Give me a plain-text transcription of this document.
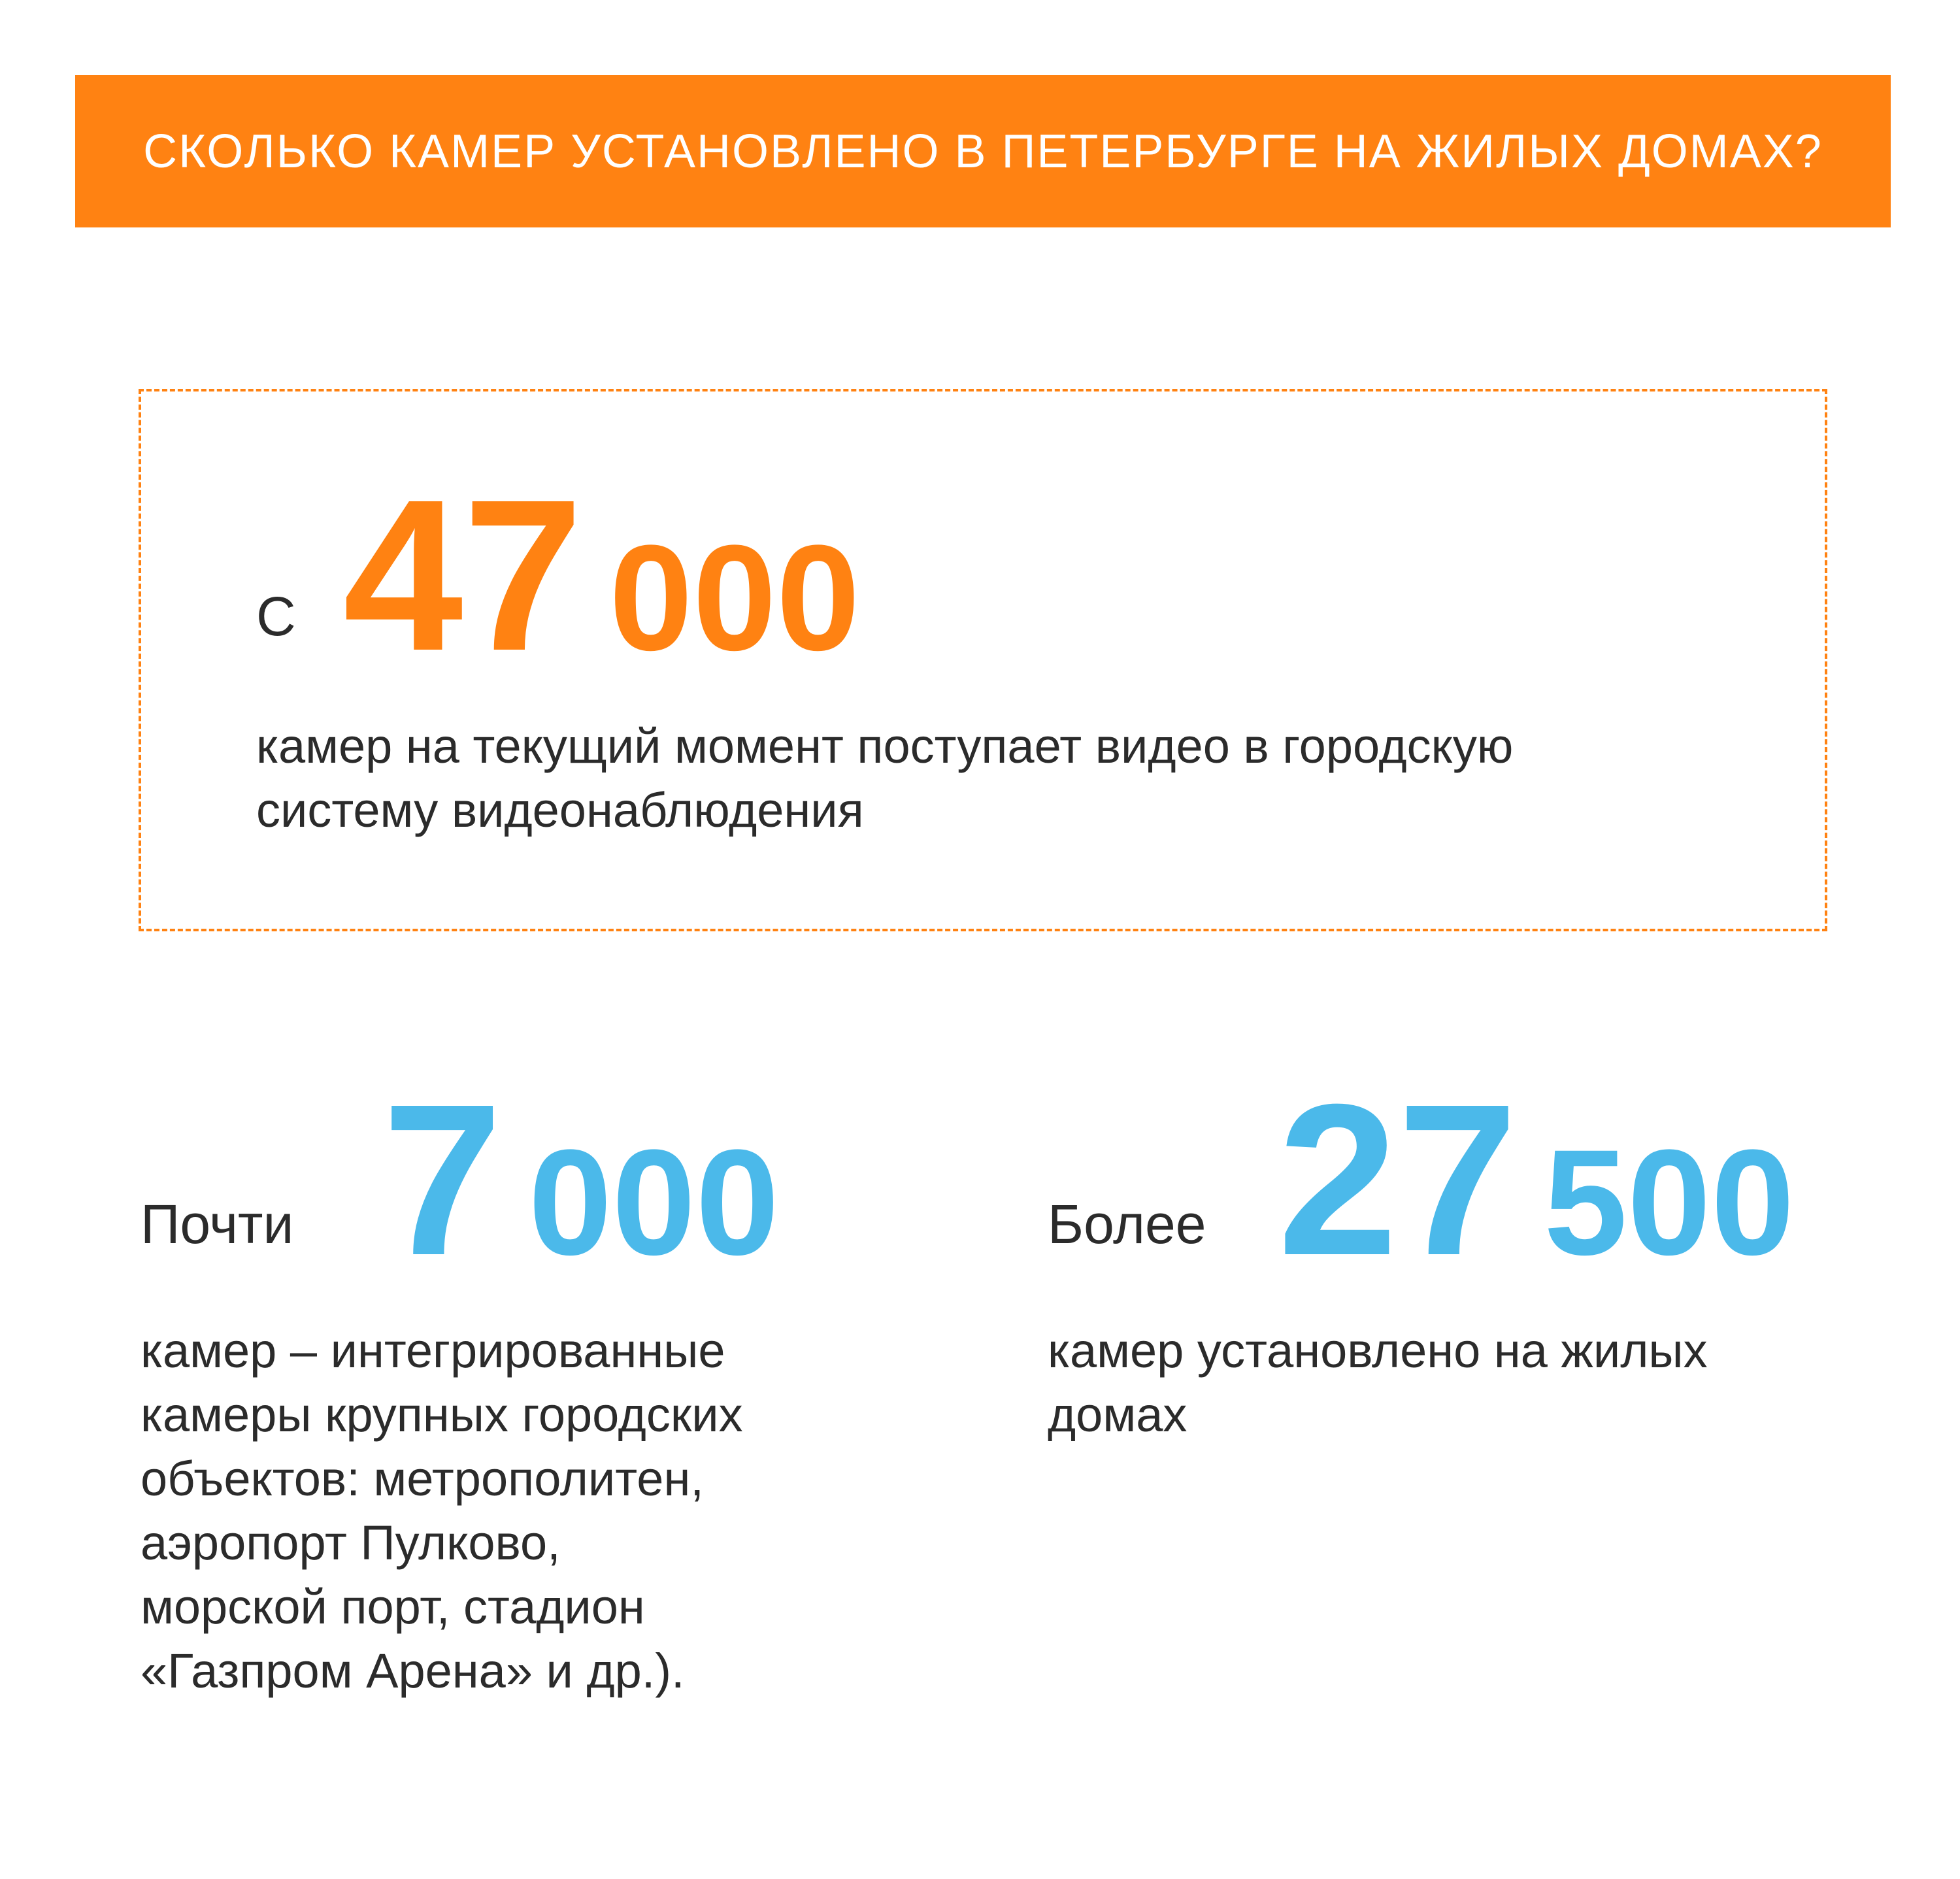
СКОЛЬКО КАМЕР УСТАНОВЛЕНО В ПЕТЕРБУРГЕ НА ЖИЛЫХ ДОМАХ?
С 47 000
камер на текущий момент поступает видео в городскую
систему видеонаблюдения
Почти 7 000
камер – интегрированные
камеры крупных городских
объектов: метрополитен,
аэропорт Пулково,
морской порт, стадион
«Газпром Арена» и др.).
Более 27 500
камер установлено на жилых
домах
